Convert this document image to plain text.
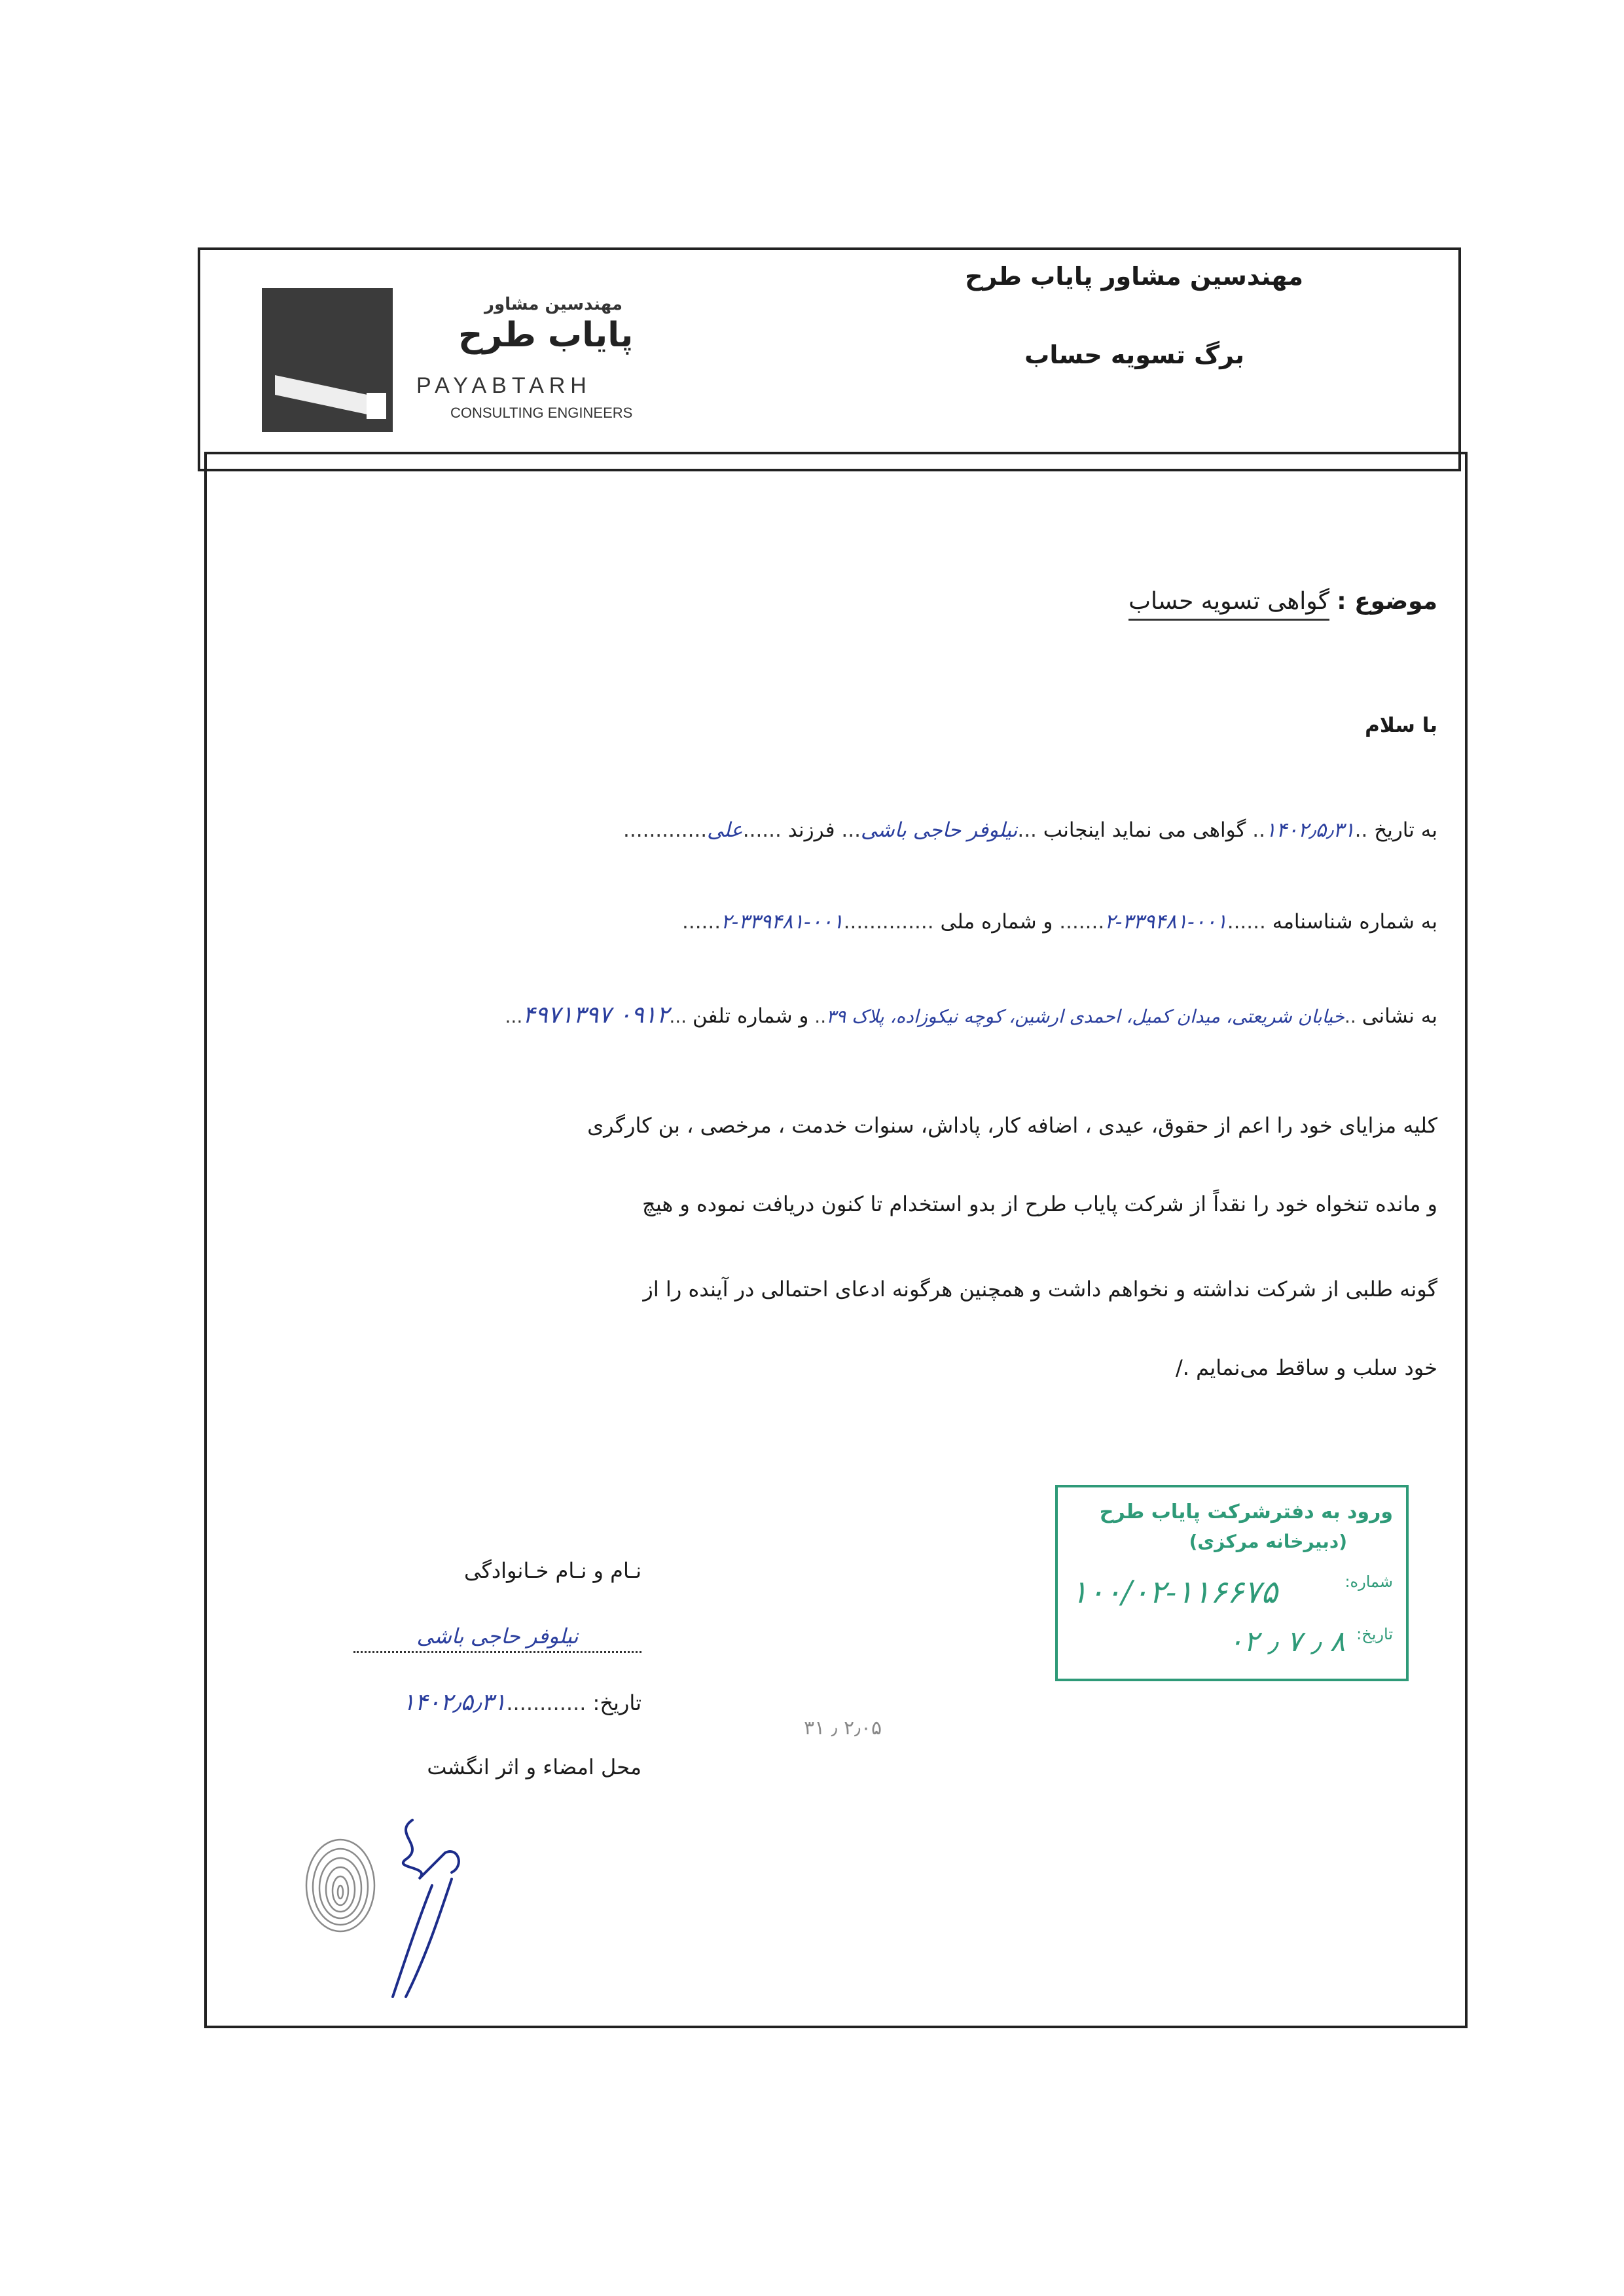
مهندسین مشاور پایاب طرح
برگ تسویه حساب
مهندسین مشاور
پایاب طرح
PAYABTARH
CONSULTING ENGINEERS
موضوع :
گواهی تسویه حساب
با سلام
به تاریخ ..۱۴۰۲٫۵٫۳۱.. گواهی می نماید اینجانب ...نیلوفر حاجی باشی... فرزند ......علی.............
به شماره شناسنامه ......۰۰۱-۳۳۹۴۸۱-۲....... و شماره ملی ..............۰۰۱-۳۳۹۴۸۱-۲......
به نشانی ..خیابان شریعتی، میدان کمیل، احمدی ارشین، کوچه نیکوزاده، پلاک ۳۹.. و شماره تلفن ...۰۹۱۲ ۴۹۷۱۳۹۷...
کلیه مزایای خود را اعم از حقوق، عیدی ، اضافه کار، پاداش، سنوات خدمت ، مرخصی ، بن کارگری
و مانده تنخواه خود را نقداً از شرکت پایاب طرح از بدو استخدام تا کنون دریافت نموده و هیچ
گونه طلبی از شرکت نداشته و نخواهم داشت و همچنین هرگونه ادعای احتمالی در آینده را از
خود سلب و ساقط می‌نمایم ./
ورود به دفترشرکت پایاب طرح
(دبیرخانه مرکزی)
شماره:
۱۰۰/۰۲-۱۱۶۶۷۵
تاریخ:
۰۲ ٫ ۷ ٫ ۸
۳۱ ٫ ۲٫۰۵
نـام و نـام خـانوادگی
نیلوفر حاجی باشی
تاریخ: ............۱۴۰۲٫۵٫۳۱
محل امضاء و اثر انگشت
